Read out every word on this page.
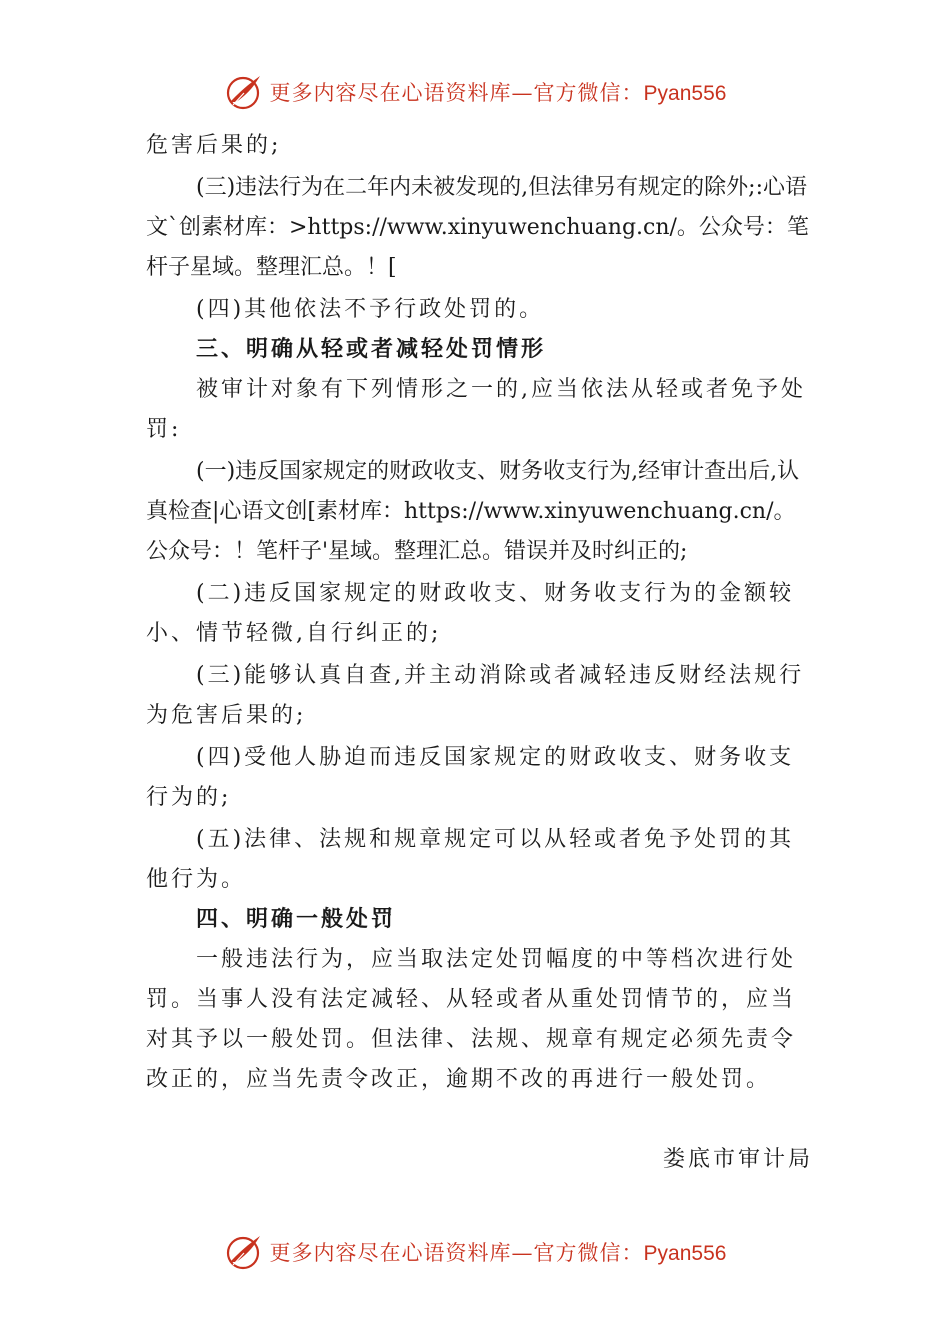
更多内容尽在心语资料库—官方微信：Pyan556

危害后果的;

(三)违法行为在二年内未被发现的,但法律另有规定的除外;:心语文`创素材库：>https://www.xinyuwenchuang.cn/。公众号：笔杆子星域。整理汇总。！[

(四)其他依法不予行政处罚的。

三、明确从轻或者减轻处罚情形

被审计对象有下列情形之一的,应当依法从轻或者免予处罚:

(一)违反国家规定的财政收支、财务收支行为,经审计查出后,认真检查|心语文创[素材库：https://www.xinyuwenchuang.cn/。公众号：！笔杆子'星域。整理汇总。错误并及时纠正的;

(二)违反国家规定的财政收支、财务收支行为的金额较小、情节轻微,自行纠正的;

(三)能够认真自查,并主动消除或者减轻违反财经法规行为危害后果的;

(四)受他人胁迫而违反国家规定的财政收支、财务收支行为的;

(五)法律、法规和规章规定可以从轻或者免予处罚的其他行为。

四、明确一般处罚

一般违法行为，应当取法定处罚幅度的中等档次进行处罚。当事人没有法定减轻、从轻或者从重处罚情节的，应当对其予以一般处罚。但法律、法规、规章有规定必须先责令改正的，应当先责令改正，逾期不改的再进行一般处罚。

娄底市审计局
更多内容尽在心语资料库—官方微信：Pyan556
